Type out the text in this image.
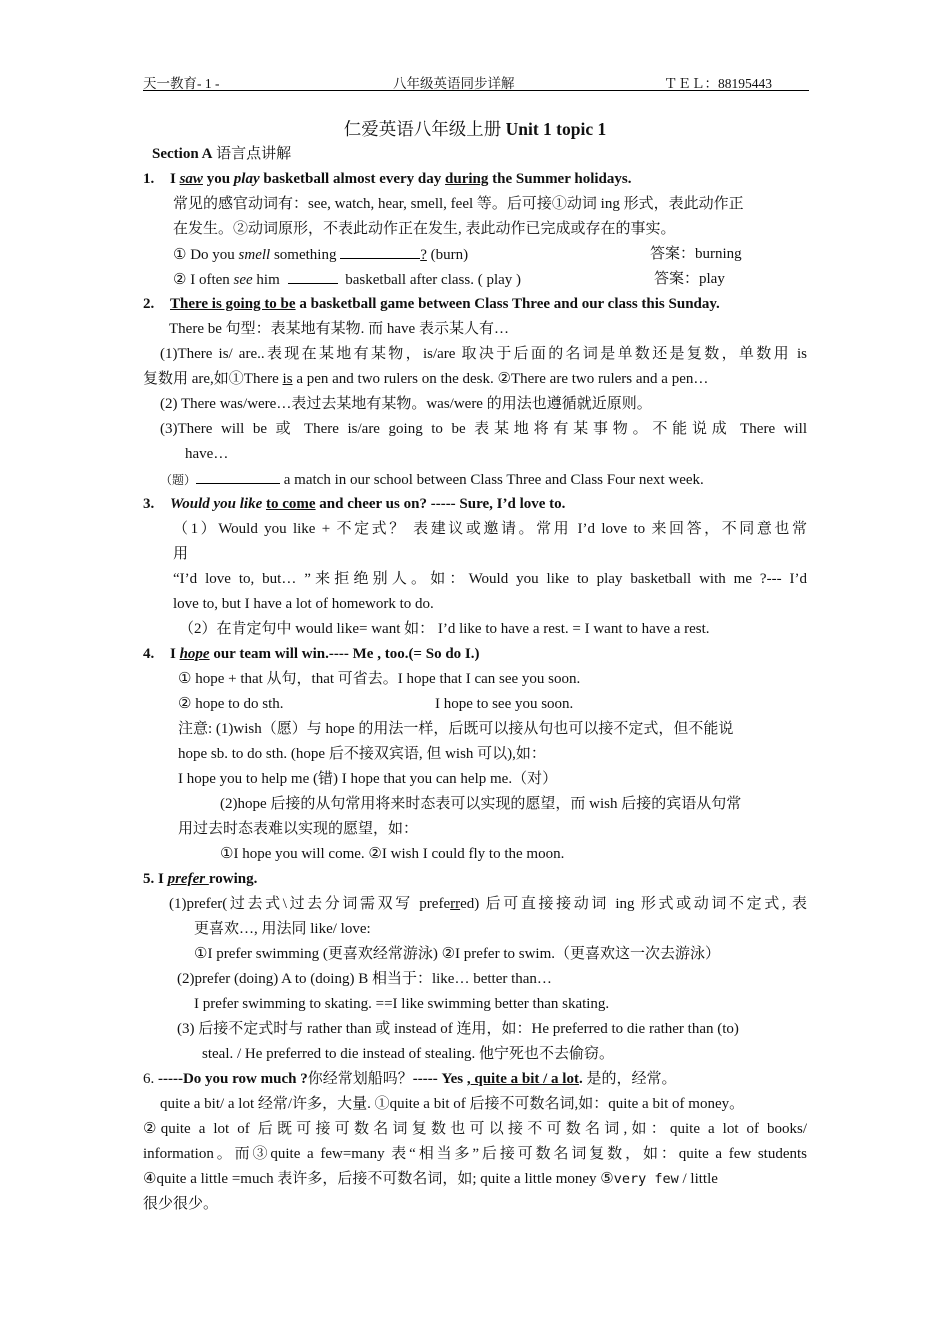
天一教育- 1 -	八年级英语同步详解	ＴＥＬ：88195443
仁爱英语八年级上册 Unit 1 topic 1
Section A 语言点讲解
1. I saw you play basketball almost every day during the Summer holidays.
常见的感官动词有：see, watch, hear, smell, feel 等。后可接①动词 ing 形式，表此动作正
在发生。②动词原形，不表此动作正在发生, 表此动作已完成或存在的事实。
① Do you smell something	? (burn)	答案：burning
② I often see him	basketball after class. ( play )	答案：play
2. There is going to be a basketball game between Class Three and our class this Sunday.
There be 句型：表某地有某物. 而 have 表示某人有…
(1)There is/ are..表现在某地有某物，is/are 取决于后面的名词是单数还是复数，单数用 is
复数用 are,如①There is a pen and two rulers on the desk. ②There are two rulers and a pen…
(2) There was/were…表过去某地有某物。was/were 的用法也遵循就近原则。
(3)There will be 或 There is/are going to be 表某地将有某事物。不能说成 There will
have…
（题）	a match in our school between Class Three and Class Four next week.
3. Would you like to come and cheer us on? ----- Sure, I’d love to.
（1）Would you like + 不定式？ 表建议或邀请。常用 I’d love to 来回答，不同意也常
用
“I’d love to, but… ”来拒绝别人。如：Would you like to play basketball with me ?--- I’d
love to, but I have a lot of homework to do.
（2）在肯定句中 would like= want 如： I’d like to have a rest. = I want to have a rest.
4. I hope our team will win.---- Me , too.(= So do I.)
① hope + that 从句，that 可省去。I hope that I can see you soon.
② hope to do sth.	I hope to see you soon.
注意: (1)wish（愿）与 hope 的用法一样，后既可以接从句也可以接不定式，但不能说
hope sb. to do sth. (hope 后不接双宾语, 但 wish 可以),如：
I hope you to help me (错) I hope that you can help me.（对）
(2)hope 后接的从句常用将来时态表可以实现的愿望，而 wish 后接的宾语从句常
用过去时态表难以实现的愿望，如：
①I hope you will come. ②I wish I could fly to the moon.
5. I prefer rowing.
(1)prefer(过去式\过去分词需双写 preferred) 后可直接接动词 ing 形式或动词不定式, 表
更喜欢…, 用法同 like/ love:
①I prefer swimming (更喜欢经常游泳) ②I prefer to swim.（更喜欢这一次去游泳）
(2)prefer (doing) A to (doing) B 相当于：like… better than…
I prefer swimming to skating. ==I like swimming better than skating.
(3) 后接不定式时与 rather than 或 instead of 连用，如：He preferred to die rather than (to)
steal. / He preferred to die instead of stealing. 他宁死也不去偷窃。
6. -----Do you row much ?你经常划船吗？----- Yes , quite a bit / a lot. 是的，经常。
quite a bit/ a lot 经常/许多，大量. ①quite a bit of 后接不可数名词,如：quite a bit of money。
②quite a lot of 后既可接可数名词复数也可以接不可数名词,如：quite a lot of books/
information。而③quite a few=many 表“相当多”后接可数名词复数，如：quite a few students
④quite a little =much 表许多，后接不可数名词，如; quite a little money ⑤very few / little
很少很少。
